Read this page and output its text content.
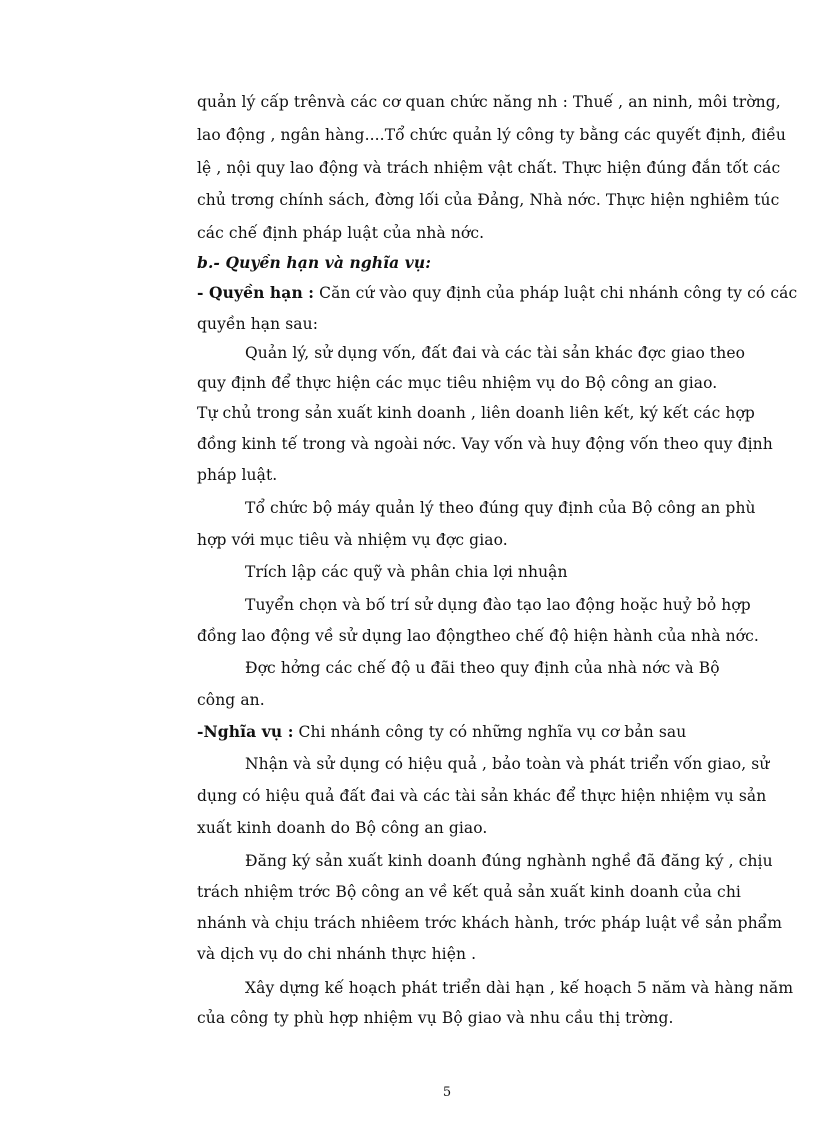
quản lý cấp trênvà các cơ quan chức năng nh : Thuế , an ninh, môi trờng,
lao động , ngân hàng....Tổ chức quản lý công ty bằng các quyết định, điều
lệ , nội quy lao động và trách nhiệm vật chất. Thực hiện đúng đắn tốt các
chủ trơng chính sách, đờng lối của Đảng, Nhà nớc. Thực hiện nghiêm túc
các chế định pháp luật của nhà nớc.
b.- Quyền hạn và nghĩa vụ:
- Quyền hạn : Căn cứ vào quy định của pháp luật chi nhánh công ty có các
quyền hạn sau:
Quản lý, sử dụng vốn, đất đai và các tài sản khác đợc giao theo
quy định để thực hiện các mục tiêu nhiệm vụ do Bộ công an giao.
Tự chủ trong sản xuất kinh doanh , liên doanh liên kết, ký kết các hợp
đồng kinh tế trong và ngoài nớc. Vay vốn và huy động vốn theo quy định
pháp luật.
Tổ chức bộ máy quản lý theo đúng quy định của Bộ công an phù
hợp với mục tiêu và nhiệm vụ đợc giao.
Trích lập các quỹ và phân chia lợi nhuận
Tuyển chọn và bố trí sử dụng đào tạo lao động hoặc huỷ bỏ hợp
đồng lao động về sử dụng lao độngtheo chế độ hiện hành của nhà nớc.
Đợc hởng các chế độ u đãi theo quy định của nhà nớc và Bộ
công an.
-Nghĩa vụ : Chi nhánh công ty có những nghĩa vụ cơ bản sau
Nhận và sử dụng có hiệu quả , bảo toàn và phát triển vốn giao, sử
dụng có hiệu quả đất đai và các tài sản khác để thực hiện nhiệm vụ sản
xuất kinh doanh do Bộ công an giao.
Đăng ký sản xuất kinh doanh đúng nghành nghề đã đăng ký , chịu
trách nhiệm trớc Bộ công an về kết quả sản xuất kinh doanh của chi
nhánh và chịu trách nhiêem trớc khách hành, trớc pháp luật về sản phẩm
và dịch vụ do chi nhánh thực hiện .
Xây dựng kế hoạch phát triển dài hạn , kế hoạch 5 năm và hàng năm
của công ty phù hợp nhiệm vụ Bộ giao và nhu cầu thị trờng.
5
